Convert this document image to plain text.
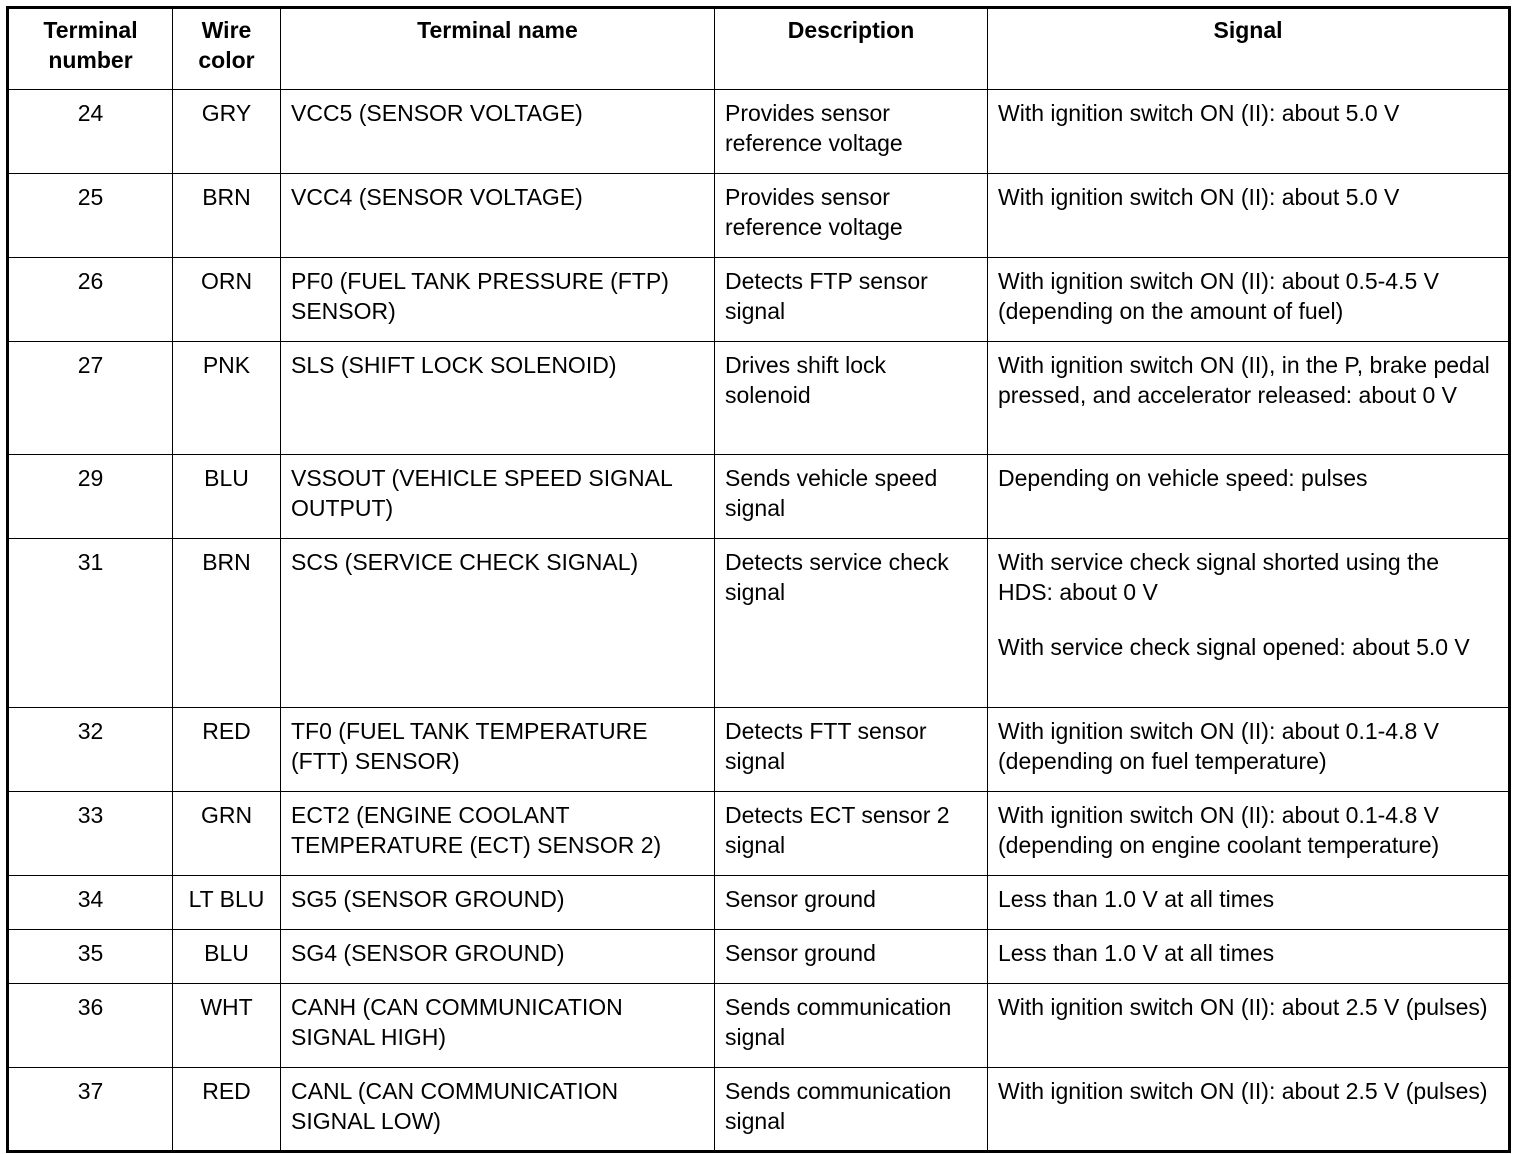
Terminal number	Wire color	Terminal name	Description	Signal
24	GRY	VCC5 (SENSOR VOLTAGE)	Provides sensor reference voltage	With ignition switch ON (II): about 5.0 V

25	BRN	VCC4 (SENSOR VOLTAGE)	Provides sensor reference voltage	With ignition switch ON (II): about 5.0 V

26	ORN	PF0 (FUEL TANK PRESSURE (FTP) SENSOR)	Detects FTP sensor signal	With ignition switch ON (II): about 0.5-4.5 V (depending on the amount of fuel)

27	PNK	SLS (SHIFT LOCK SOLENOID)	Drives shift lock solenoid	With ignition switch ON (II), in the P, brake pedal pressed, and accelerator released: about 0 V

29	BLU	VSSOUT (VEHICLE SPEED SIGNAL OUTPUT)	Sends vehicle speed signal	Depending on vehicle speed: pulses

31	BRN	SCS (SERVICE CHECK SIGNAL)	Detects service check signal	With service check signal shorted using the HDS: about 0 V

With service check signal opened: about 5.0 V

32	RED	TF0 (FUEL TANK TEMPERATURE (FTT) SENSOR)	Detects FTT sensor signal	With ignition switch ON (II): about 0.1-4.8 V (depending on fuel temperature)

33	GRN	ECT2 (ENGINE COOLANT TEMPERATURE (ECT) SENSOR 2)	Detects ECT sensor 2 signal	With ignition switch ON (II): about 0.1-4.8 V (depending on engine coolant temperature)

34	LT BLU	SG5 (SENSOR GROUND)	Sensor ground	Less than 1.0 V at all times

35	BLU	SG4 (SENSOR GROUND)	Sensor ground	Less than 1.0 V at all times

36	WHT	CANH (CAN COMMUNICATION SIGNAL HIGH)	Sends communication signal	With ignition switch ON (II): about 2.5 V (pulses)

37	RED	CANL (CAN COMMUNICATION SIGNAL LOW)	Sends communication signal	With ignition switch ON (II): about 2.5 V (pulses)
